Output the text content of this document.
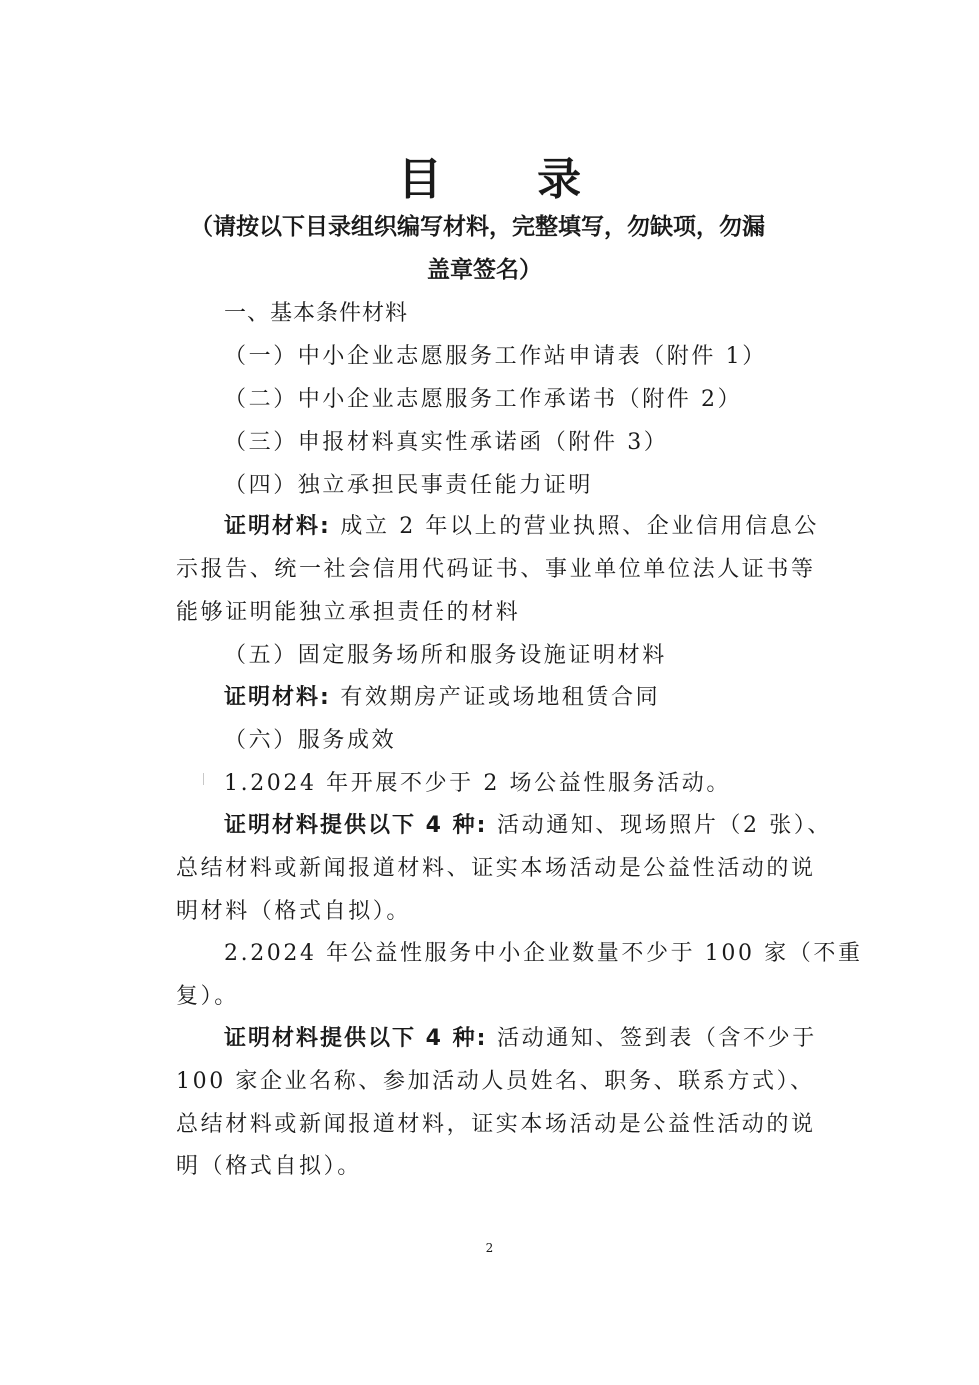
目 录
（请按以下目录组织编写材料，完整填写，勿缺项，勿漏
盖章签名）
一、基本条件材料
（一）中小企业志愿服务工作站申请表（附件 1）
（二）中小企业志愿服务工作承诺书（附件 2）
（三）申报材料真实性承诺函（附件 3）
（四）独立承担民事责任能力证明
证明材料: 成立 2 年以上的营业执照、企业信用信息公
示报告、统一社会信用代码证书、事业单位单位法人证书等
能够证明能独立承担责任的材料
（五）固定服务场所和服务设施证明材料
证明材料: 有效期房产证或场地租赁合同
（六）服务成效
1.2024 年开展不少于 2 场公益性服务活动。
证明材料提供以下 4 种: 活动通知、现场照片（2 张）、
总结材料或新闻报道材料、证实本场活动是公益性活动的说
明材料（格式自拟）。
2.2024 年公益性服务中小企业数量不少于 100 家（不重
复）。
证明材料提供以下 4 种: 活动通知、签到表（含不少于
100 家企业名称、参加活动人员姓名、职务、联系方式）、
总结材料或新闻报道材料，证实本场活动是公益性活动的说
明（格式自拟）。
2
